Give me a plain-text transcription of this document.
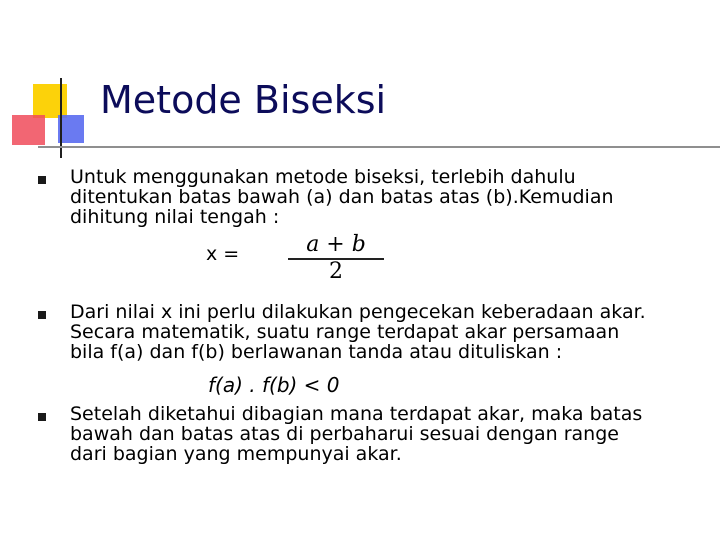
Metode Biseksi
Untuk menggunakan metode biseksi, terlebih dahulu
ditentukan batas bawah (a) dan batas atas (b).Kemudian
dihitung nilai tengah :
x =	a + b
2
Dari nilai x ini perlu dilakukan pengecekan keberadaan akar.
Secara matematik, suatu range terdapat akar persamaan
bila f(a) dan f(b) berlawanan tanda atau dituliskan :
f(a) . f(b) < 0
Setelah diketahui dibagian mana terdapat akar, maka batas
bawah dan batas atas di perbaharui sesuai dengan range
dari bagian yang mempunyai akar.
